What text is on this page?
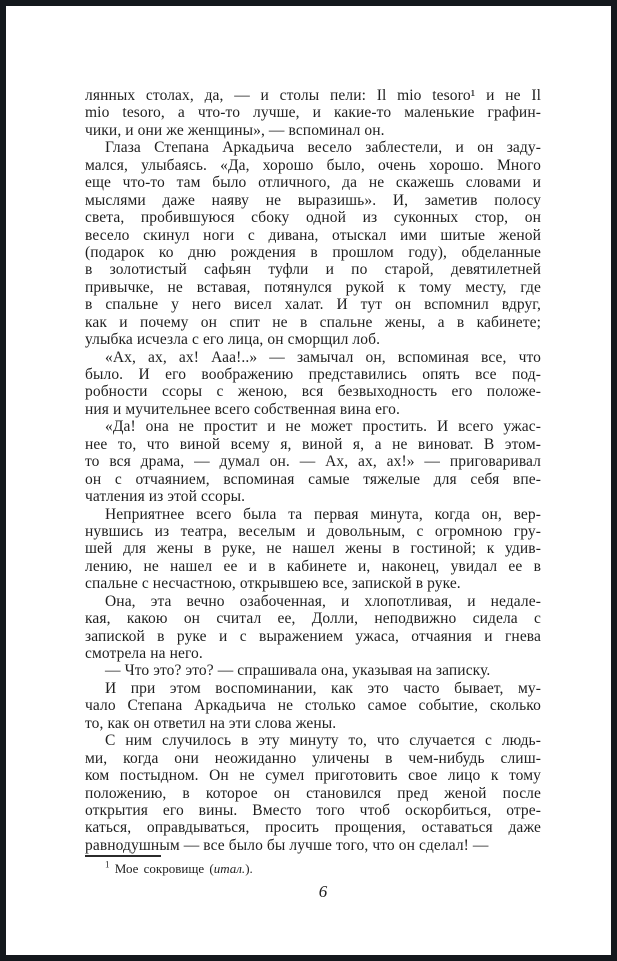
лянных столах, да, — и столы пели: Il mio tesoro¹ и не Il
mio tesoro, а что-то лучше, и какие-то маленькие графин-
чики, и они же женщины», — вспоминал он.
Глаза Степана Аркадьича весело заблестели, и он заду-
мался, улыбаясь. «Да, хорошо было, очень хорошо. Много
еще что-то там было отличного, да не скажешь словами и
мыслями даже наяву не выразишь». И, заметив полосу
света, пробившуюся сбоку одной из суконных стор, он
весело скинул ноги с дивана, отыскал ими шитые женой
(подарок ко дню рождения в прошлом году), обделанные
в золотистый сафьян туфли и по старой, девятилетней
привычке, не вставая, потянулся рукой к тому месту, где
в спальне у него висел халат. И тут он вспомнил вдруг,
как и почему он спит не в спальне жены, а в кабинете;
улыбка исчезла с его лица, он сморщил лоб.
«Ах, ах, ах! Ааа!..» — замычал он, вспоминая все, что
было. И его воображению представились опять все под-
робности ссоры с женою, вся безвыходность его положе-
ния и мучительнее всего собственная вина его.
«Да! она не простит и не может простить. И всего ужас-
нее то, что виной всему я, виной я, а не виноват. В этом-
то вся драма, — думал он. — Ах, ах, ах!» — приговаривал
он с отчаянием, вспоминая самые тяжелые для себя впе-
чатления из этой ссоры.
Неприятнее всего была та первая минута, когда он, вер-
нувшись из театра, веселым и довольным, с огромною гру-
шей для жены в руке, не нашел жены в гостиной; к удив-
лению, не нашел ее и в кабинете и, наконец, увидал ее в
спальне с несчастною, открывшею все, запиской в руке.
Она, эта вечно озабоченная, и хлопотливая, и недале-
кая, какою он считал ее, Долли, неподвижно сидела с
запиской в руке и с выражением ужаса, отчаяния и гнева
смотрела на него.
— Что это? это? — спрашивала она, указывая на записку.
И при этом воспоминании, как это часто бывает, му-
чало Степана Аркадьича не столько самое событие, сколько
то, как он ответил на эти слова жены.
С ним случилось в эту минуту то, что случается с людь-
ми, когда они неожиданно уличены в чем-нибудь слиш-
ком постыдном. Он не сумел приготовить свое лицо к тому
положению, в которое он становился пред женой после
открытия его вины. Вместо того чтоб оскорбиться, отре-
каться, оправдываться, просить прощения, оставаться даже
равнодушным — все было бы лучше того, что он сделал! —
$^1$ Мое сокровище (итал.).
6
